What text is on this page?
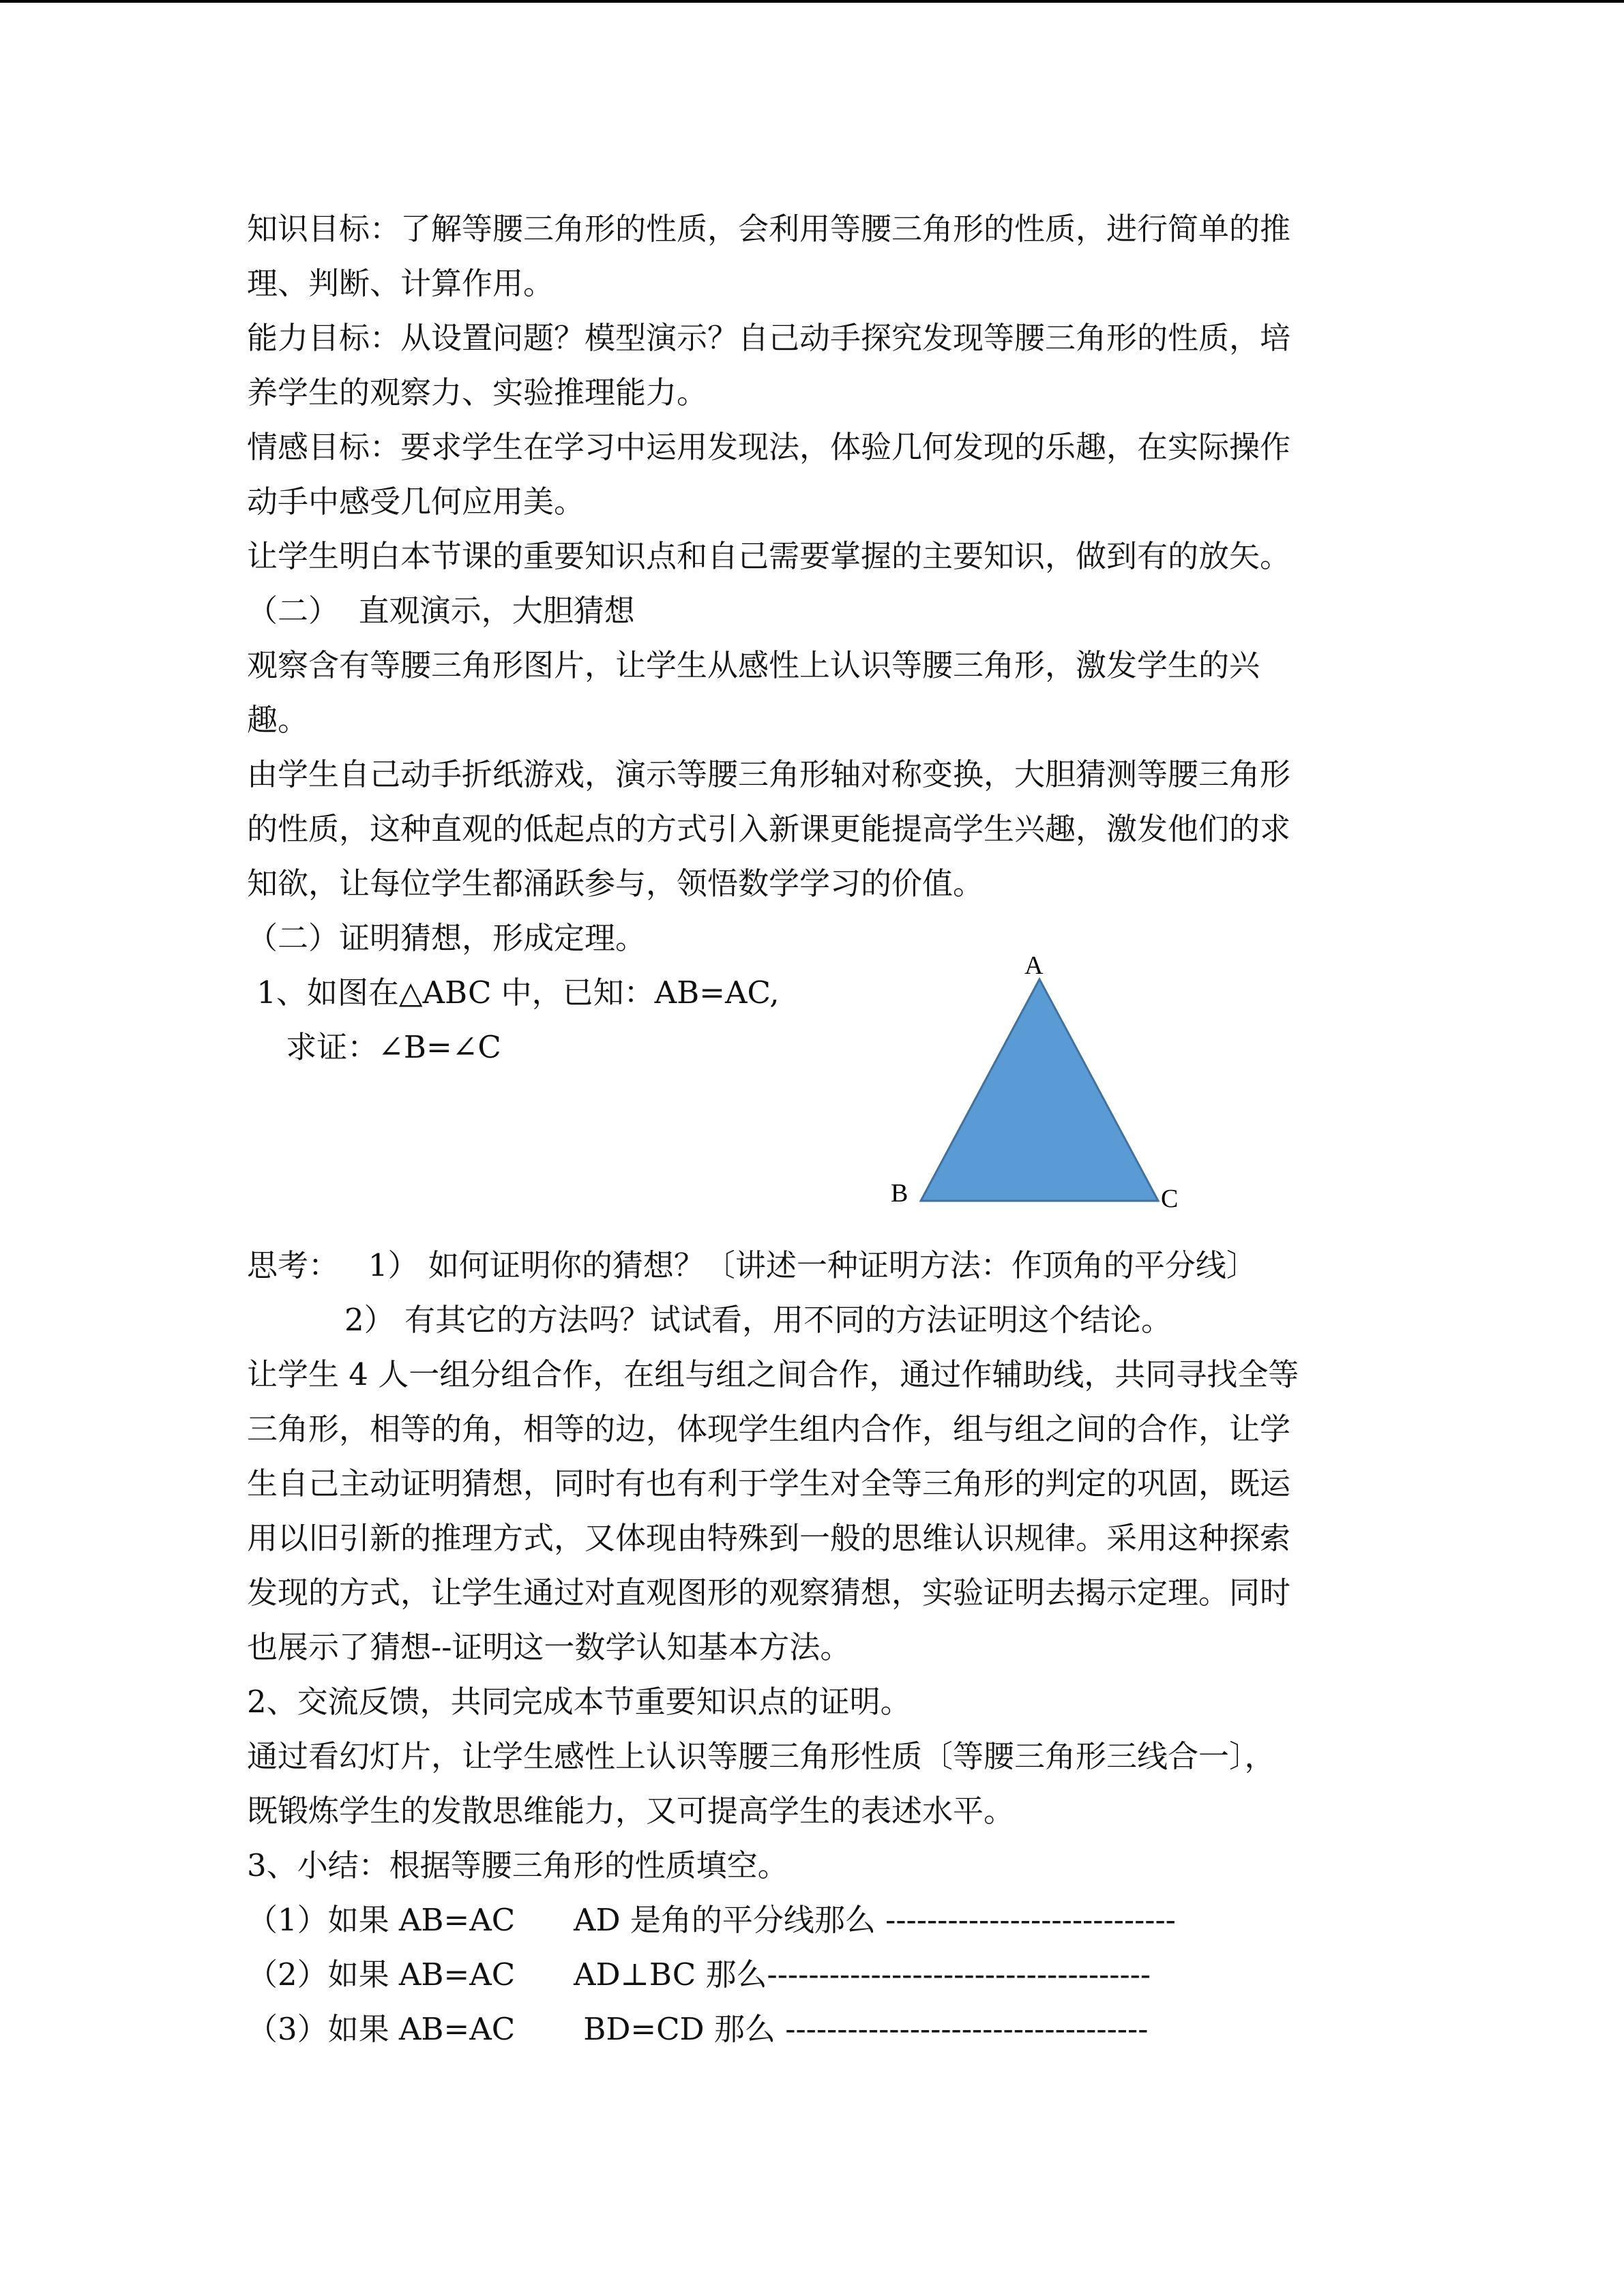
知识目标：了解等腰三角形的性质，会利用等腰三角形的性质，进行简单的推
理、判断、计算作用。
能力目标：从设置问题？模型演示？自己动手探究发现等腰三角形的性质，培
养学生的观察力、实验推理能力。
情感目标：要求学生在学习中运用发现法，体验几何发现的乐趣，在实际操作
动手中感受几何应用美。
让学生明白本节课的重要知识点和自己需要掌握的主要知识，做到有的放矢。
（二）  直观演示，大胆猜想
观察含有等腰三角形图片，让学生从感性上认识等腰三角形，激发学生的兴
趣。
由学生自己动手折纸游戏，演示等腰三角形轴对称变换，大胆猜测等腰三角形
的性质，这种直观的低起点的方式引入新课更能提高学生兴趣，激发他们的求
知欲，让每位学生都涌跃参与，领悟数学学习的价值。
（二）证明猜想，形成定理。
1、如图在△ABC 中，已知：AB=AC,
求证：∠B=∠C
A
B	C
思考：   1） 如何证明你的猜想？〔讲述一种证明方法：作顶角的平分线〕
2） 有其它的方法吗？试试看，用不同的方法证明这个结论。
让学生 4 人一组分组合作，在组与组之间合作，通过作辅助线，共同寻找全等
三角形，相等的角，相等的边，体现学生组内合作，组与组之间的合作，让学
生自己主动证明猜想，同时有也有利于学生对全等三角形的判定的巩固，既运
用以旧引新的推理方式，又体现由特殊到一般的思维认识规律。采用这种探索
发现的方式，让学生通过对直观图形的观察猜想，实验证明去揭示定理。同时
也展示了猜想--证明这一数学认知基本方法。
2、交流反馈，共同完成本节重要知识点的证明。
通过看幻灯片，让学生感性上认识等腰三角形性质〔等腰三角形三线合一〕，
既锻炼学生的发散思维能力，又可提高学生的表述水平。
3、小结：根据等腰三角形的性质填空。
（1）如果 AB=AC      AD 是角的平分线那么 ----------------------------
（2）如果 AB=AC      AD⊥BC 那么-------------------------------------
（3）如果 AB=AC       BD=CD 那么 -----------------------------------
